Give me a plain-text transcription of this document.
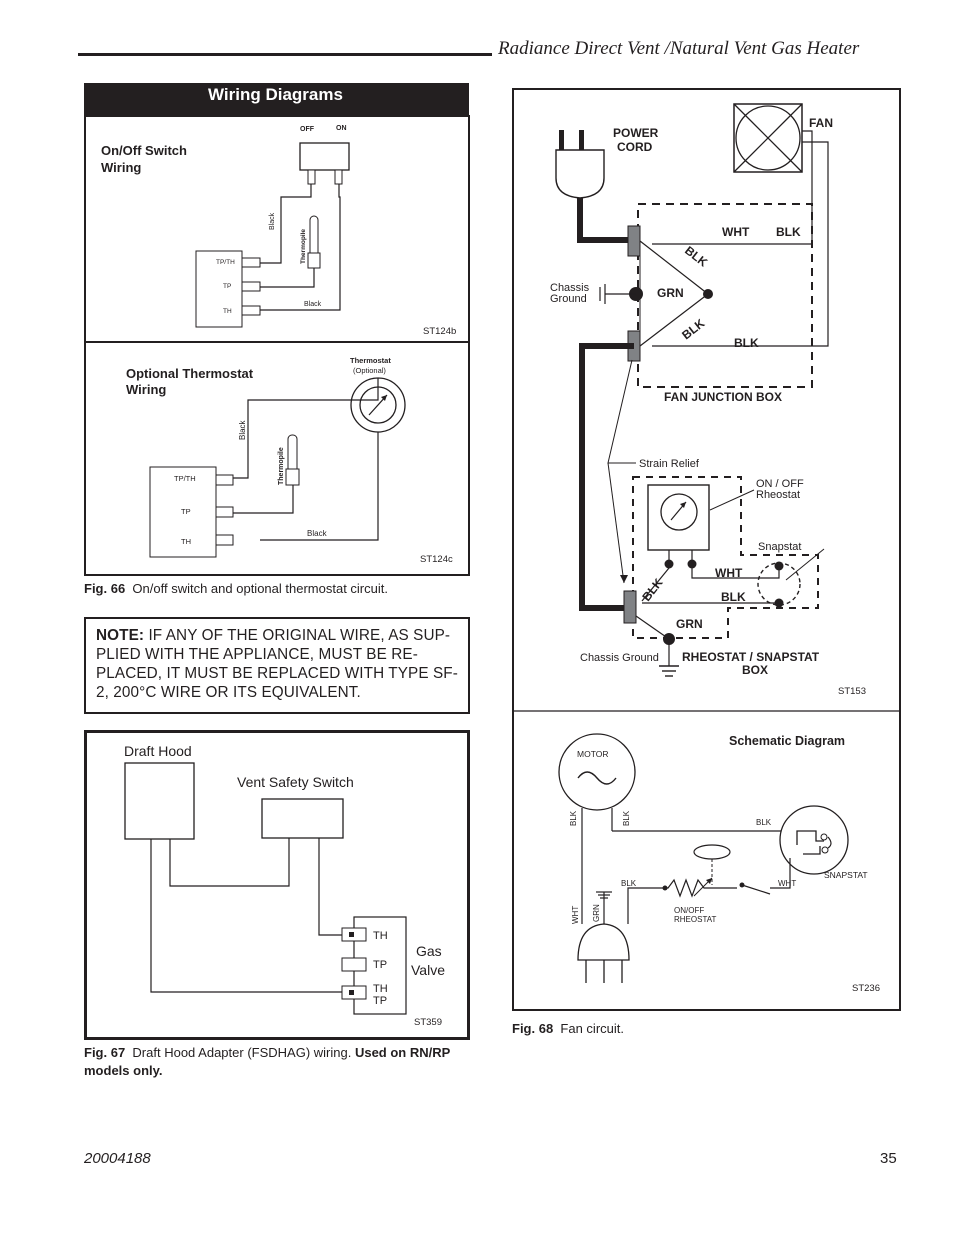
Radiance Direct Vent /Natural Vent Gas Heater
Wiring Diagrams
On/Off Switch
Wiring
OFF	ON
Black
Thermopile
TP/TH
TP
TH
Black
ST124b
Optional Thermostat
Wiring
Thermostat
(Optional)
Black
Thermopile
TP/TH
TP
TH
Black
ST124c
Fig. 66 On/off switch and optional thermostat circuit.
NOTE: IF ANY OF THE ORIGINAL WIRE, AS SUP-PLIED WITH THE APPLIANCE, MUST BE RE-PLACED, IT MUST BE REPLACED WITH TYPE SF-2, 200°C WIRE OR ITS EQUIVALENT.
Draft Hood
Vent Safety Switch
TH
TP
TH
TP
Gas
Valve
ST359
Fig. 67 Draft Hood Adapter (FSDHAG) wiring. Used on RN/RP models only.
POWER
CORD
FAN
WHT BLK
BLK
GRN
BLK
BLK
Chassis
Ground
FAN JUNCTION BOX
Strain Relief
ON / OFF
Rheostat
Snapstat
WHT
BLK
BLK
GRN
Chassis Ground RHEOSTAT / SNAPSTAT
BOX
ST153
Schematic Diagram
MOTOR
BLK	BLK	BLK
SNAPSTAT
WHT
BLK
ON/OFF
RHEOSTAT
WHT GRN
ST236
Fig. 68 Fan circuit.
20004188	35
